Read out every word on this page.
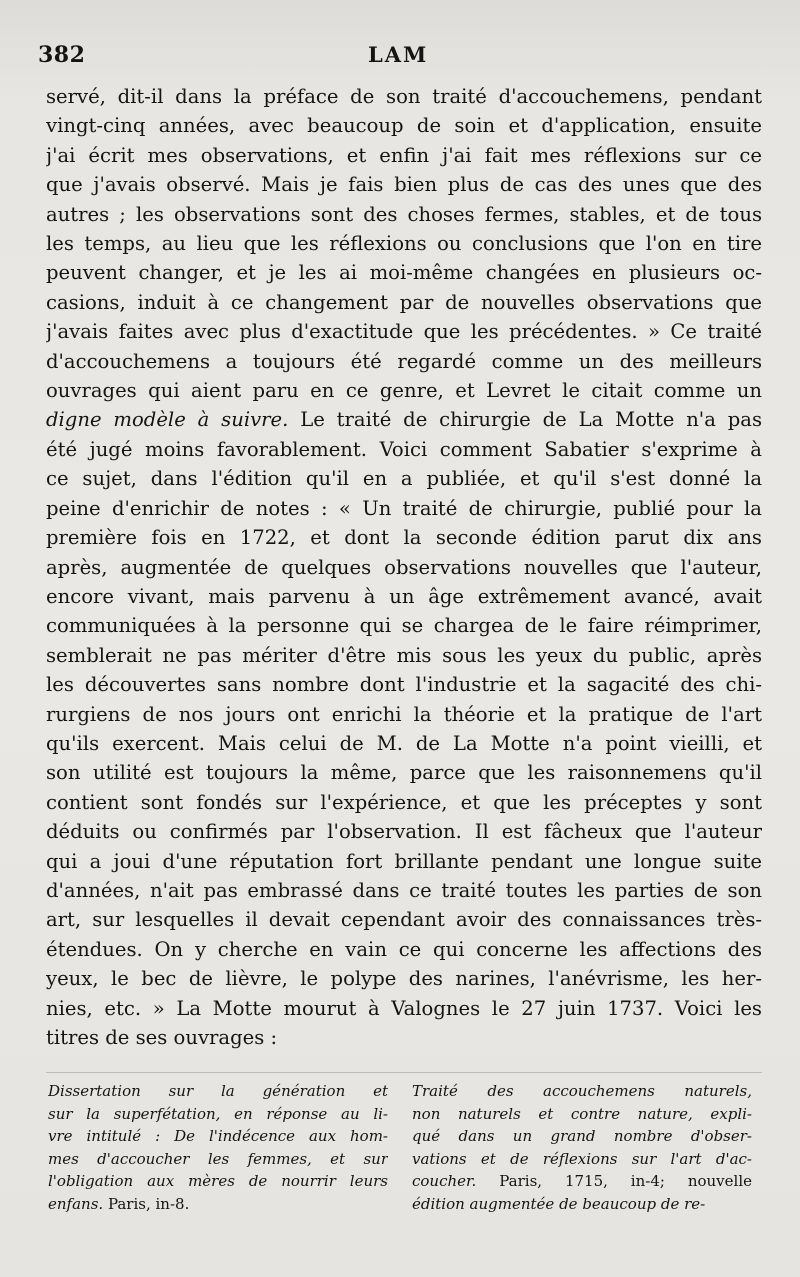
382	LAM
servé, dit-il dans la préface de son traité d'accouchemens, pendant
vingt-cinq années, avec beaucoup de soin et d'application, ensuite
j'ai écrit mes observations, et enfin j'ai fait mes réflexions sur ce
que j'avais observé. Mais je fais bien plus de cas des unes que des
autres ; les observations sont des choses fermes, stables, et de tous
les temps, au lieu que les réflexions ou conclusions que l'on en tire
peuvent changer, et je les ai moi-même changées en plusieurs oc-
casions, induit à ce changement par de nouvelles observations que
j'avais faites avec plus d'exactitude que les précédentes. » Ce traité
d'accouchemens a toujours été regardé comme un des meilleurs
ouvrages qui aient paru en ce genre, et Levret le citait comme un
digne modèle à suivre. Le traité de chirurgie de La Motte n'a pas
été jugé moins favorablement. Voici comment Sabatier s'exprime à
ce sujet, dans l'édition qu'il en a publiée, et qu'il s'est donné la
peine d'enrichir de notes : « Un traité de chirurgie, publié pour la
première fois en 1722, et dont la seconde édition parut dix ans
après, augmentée de quelques observations nouvelles que l'auteur,
encore vivant, mais parvenu à un âge extrêmement avancé, avait
communiquées à la personne qui se chargea de le faire réimprimer,
semblerait ne pas mériter d'être mis sous les yeux du public, après
les découvertes sans nombre dont l'industrie et la sagacité des chi-
rurgiens de nos jours ont enrichi la théorie et la pratique de l'art
qu'ils exercent. Mais celui de M. de La Motte n'a point vieilli, et
son utilité est toujours la même, parce que les raisonnemens qu'il
contient sont fondés sur l'expérience, et que les préceptes y sont
déduits ou confirmés par l'observation. Il est fâcheux que l'auteur
qui a joui d'une réputation fort brillante pendant une longue suite
d'années, n'ait pas embrassé dans ce traité toutes les parties de son
art, sur lesquelles il devait cependant avoir des connaissances très-
étendues. On y cherche en vain ce qui concerne les affections des
yeux, le bec de lièvre, le polype des narines, l'anévrisme, les her-
nies, etc. » La Motte mourut à Valognes le 27 juin 1737. Voici les
titres de ses ouvrages :
Dissertation sur la génération et
sur la superfétation, en réponse au li-
vre intitulé : De l'indécence aux hom-
mes d'accoucher les femmes, et sur
l'obligation aux mères de nourrir leurs
enfans. Paris, in-8.
Traité des accouchemens naturels,
non naturels et contre nature, expli-
qué dans un grand nombre d'obser-
vations et de réflexions sur l'art d'ac-
coucher. Paris, 1715, in-4; nouvelle
édition augmentée de beaucoup de re-
